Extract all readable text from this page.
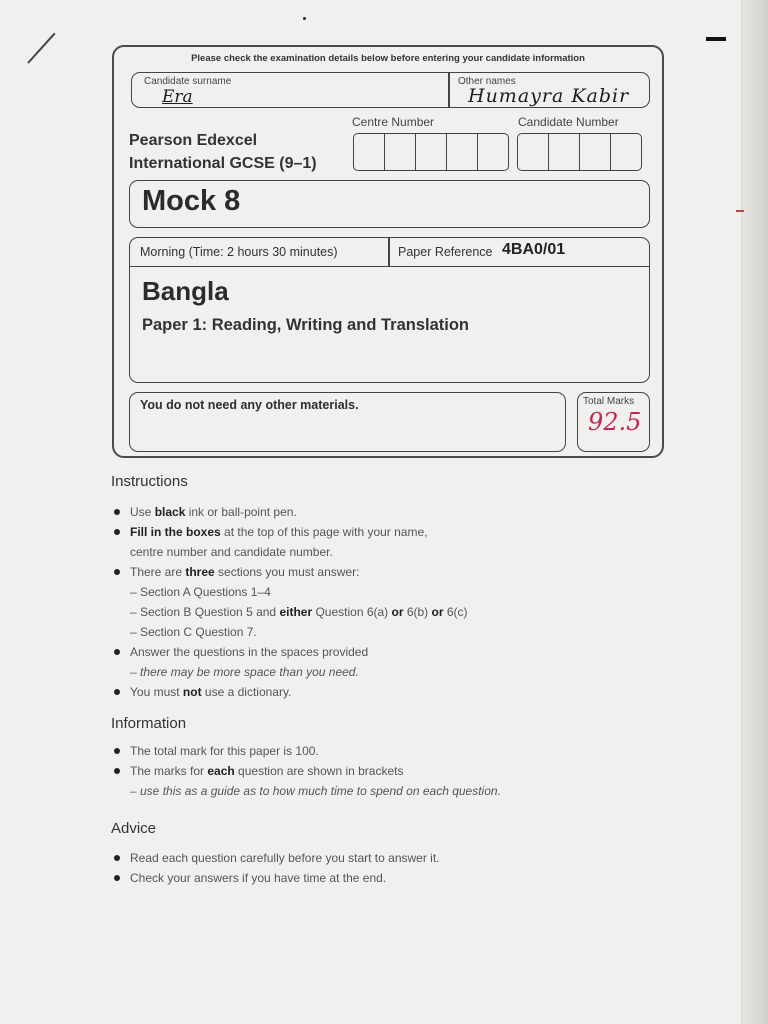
Please check the examination details below before entering your candidate information
Candidate surname
Era
Other names
Humayra Kabir
Pearson Edexcel
International GCSE (9–1)
Centre Number	Candidate Number
Mock 8
Morning (Time: 2 hours 30 minutes)	Paper Reference 4BA0/01
Bangla
Paper 1: Reading, Writing and Translation
You do not need any other materials.	Total Marks
92.5
Instructions
Use black ink or ball-point pen.
Fill in the boxes at the top of this page with your name,
centre number and candidate number.
There are three sections you must answer:
– Section A Questions 1–4
– Section B Question 5 and either Question 6(a) or 6(b) or 6(c)
– Section C Question 7.
Answer the questions in the spaces provided
– there may be more space than you need.
You must not use a dictionary.
Information
The total mark for this paper is 100.
The marks for each question are shown in brackets
– use this as a guide as to how much time to spend on each question.
Advice
Read each question carefully before you start to answer it.
Check your answers if you have time at the end.
